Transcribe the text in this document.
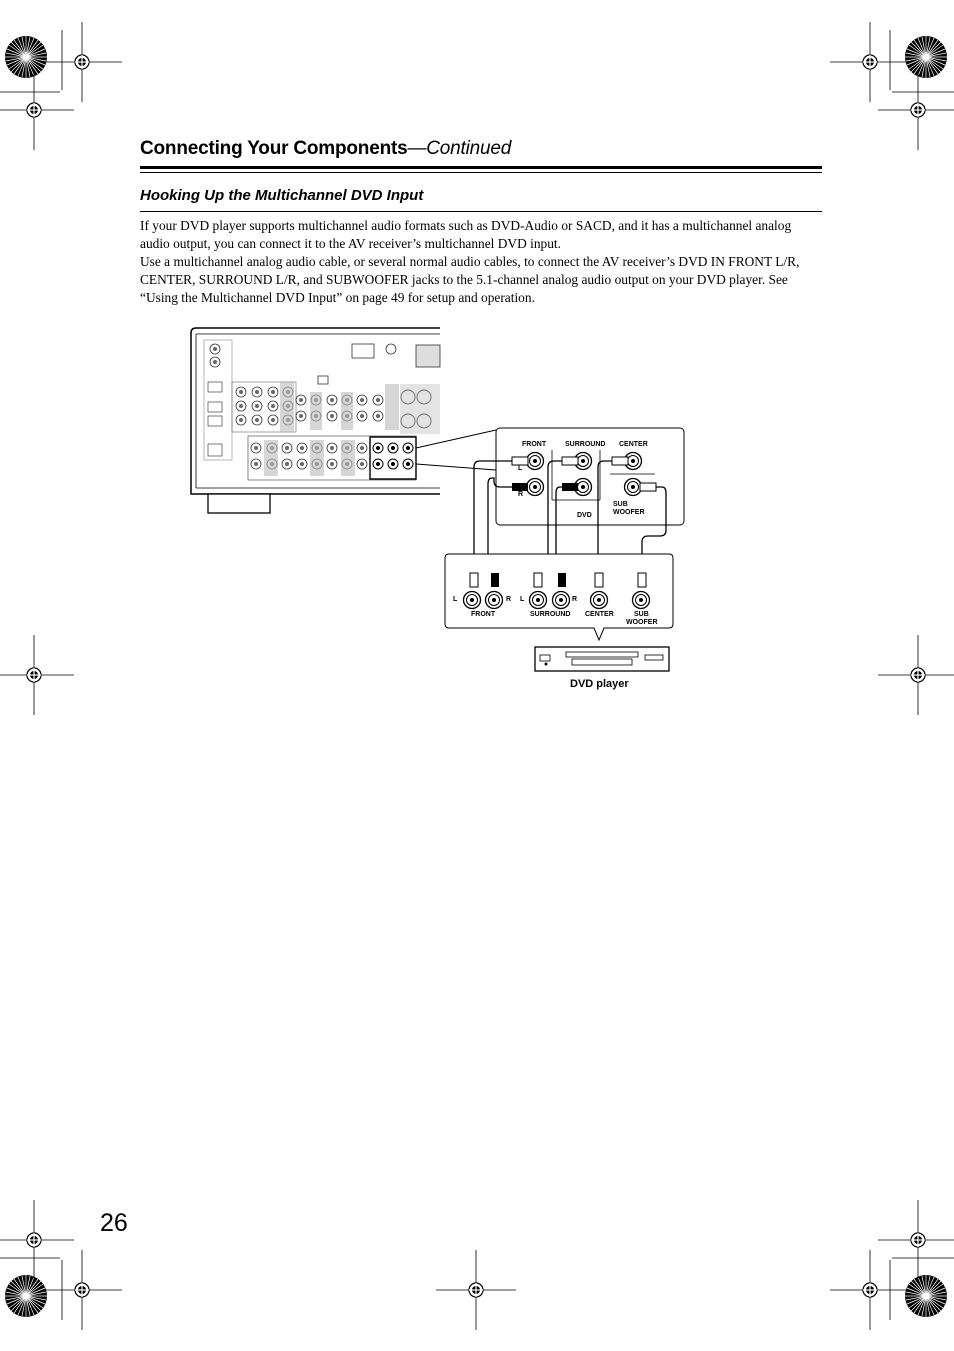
Connecting Your Components—Continued
Hooking Up the Multichannel DVD Input
If your DVD player supports multichannel audio formats such as DVD-Audio or SACD, and it has a multichannel analog audio output, you can connect it to the AV receiver’s multichannel DVD input.
Use a multichannel analog audio cable, or several normal audio cables, to connect the AV receiver’s DVD IN FRONT L/R, CENTER, SURROUND L/R, and SUBWOOFER jacks to the 5.1-channel analog audio output on your DVD player. See “Using the Multichannel DVD Input” on page 49 for setup and operation.
FRONT	SURROUND CENTER
L
R
SUB
WOOFER
DVD
L	R L	R
FRONT	SURROUND CENTER	SUB
WOOFER
DVD player
26
